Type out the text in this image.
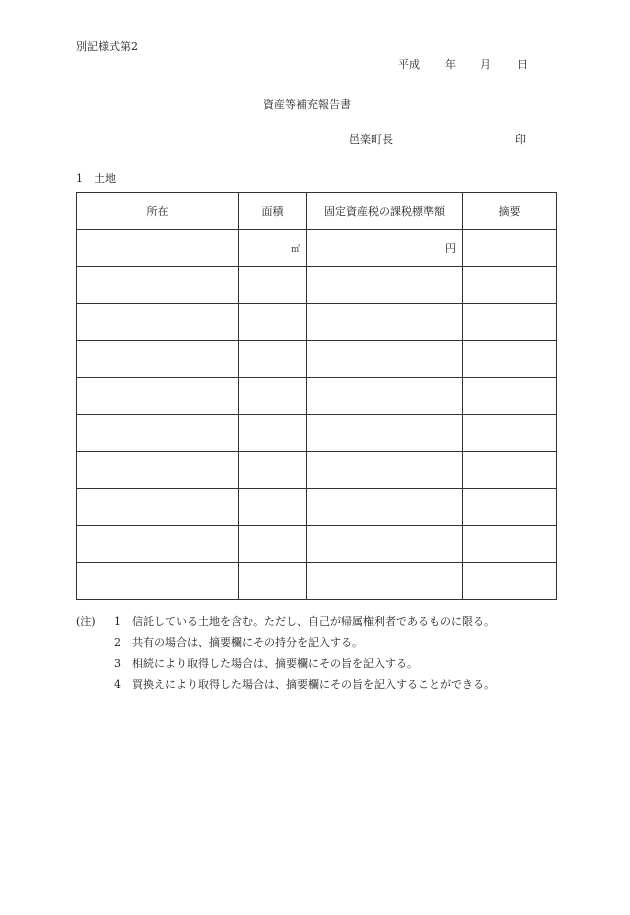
別記様式第2
平成 年 月 日
資産等補充報告書
邑楽町長	印
1　土地
所在	面積	固定資産税の課税標準額	摘要
	㎡	円	

(注) 1 信託している土地を含む。ただし、自己が帰属権利者であるものに限る。
2 共有の場合は、摘要欄にその持分を記入する。
3 相続により取得した場合は、摘要欄にその旨を記入する。
4 買換えにより取得した場合は、摘要欄にその旨を記入することができる。
